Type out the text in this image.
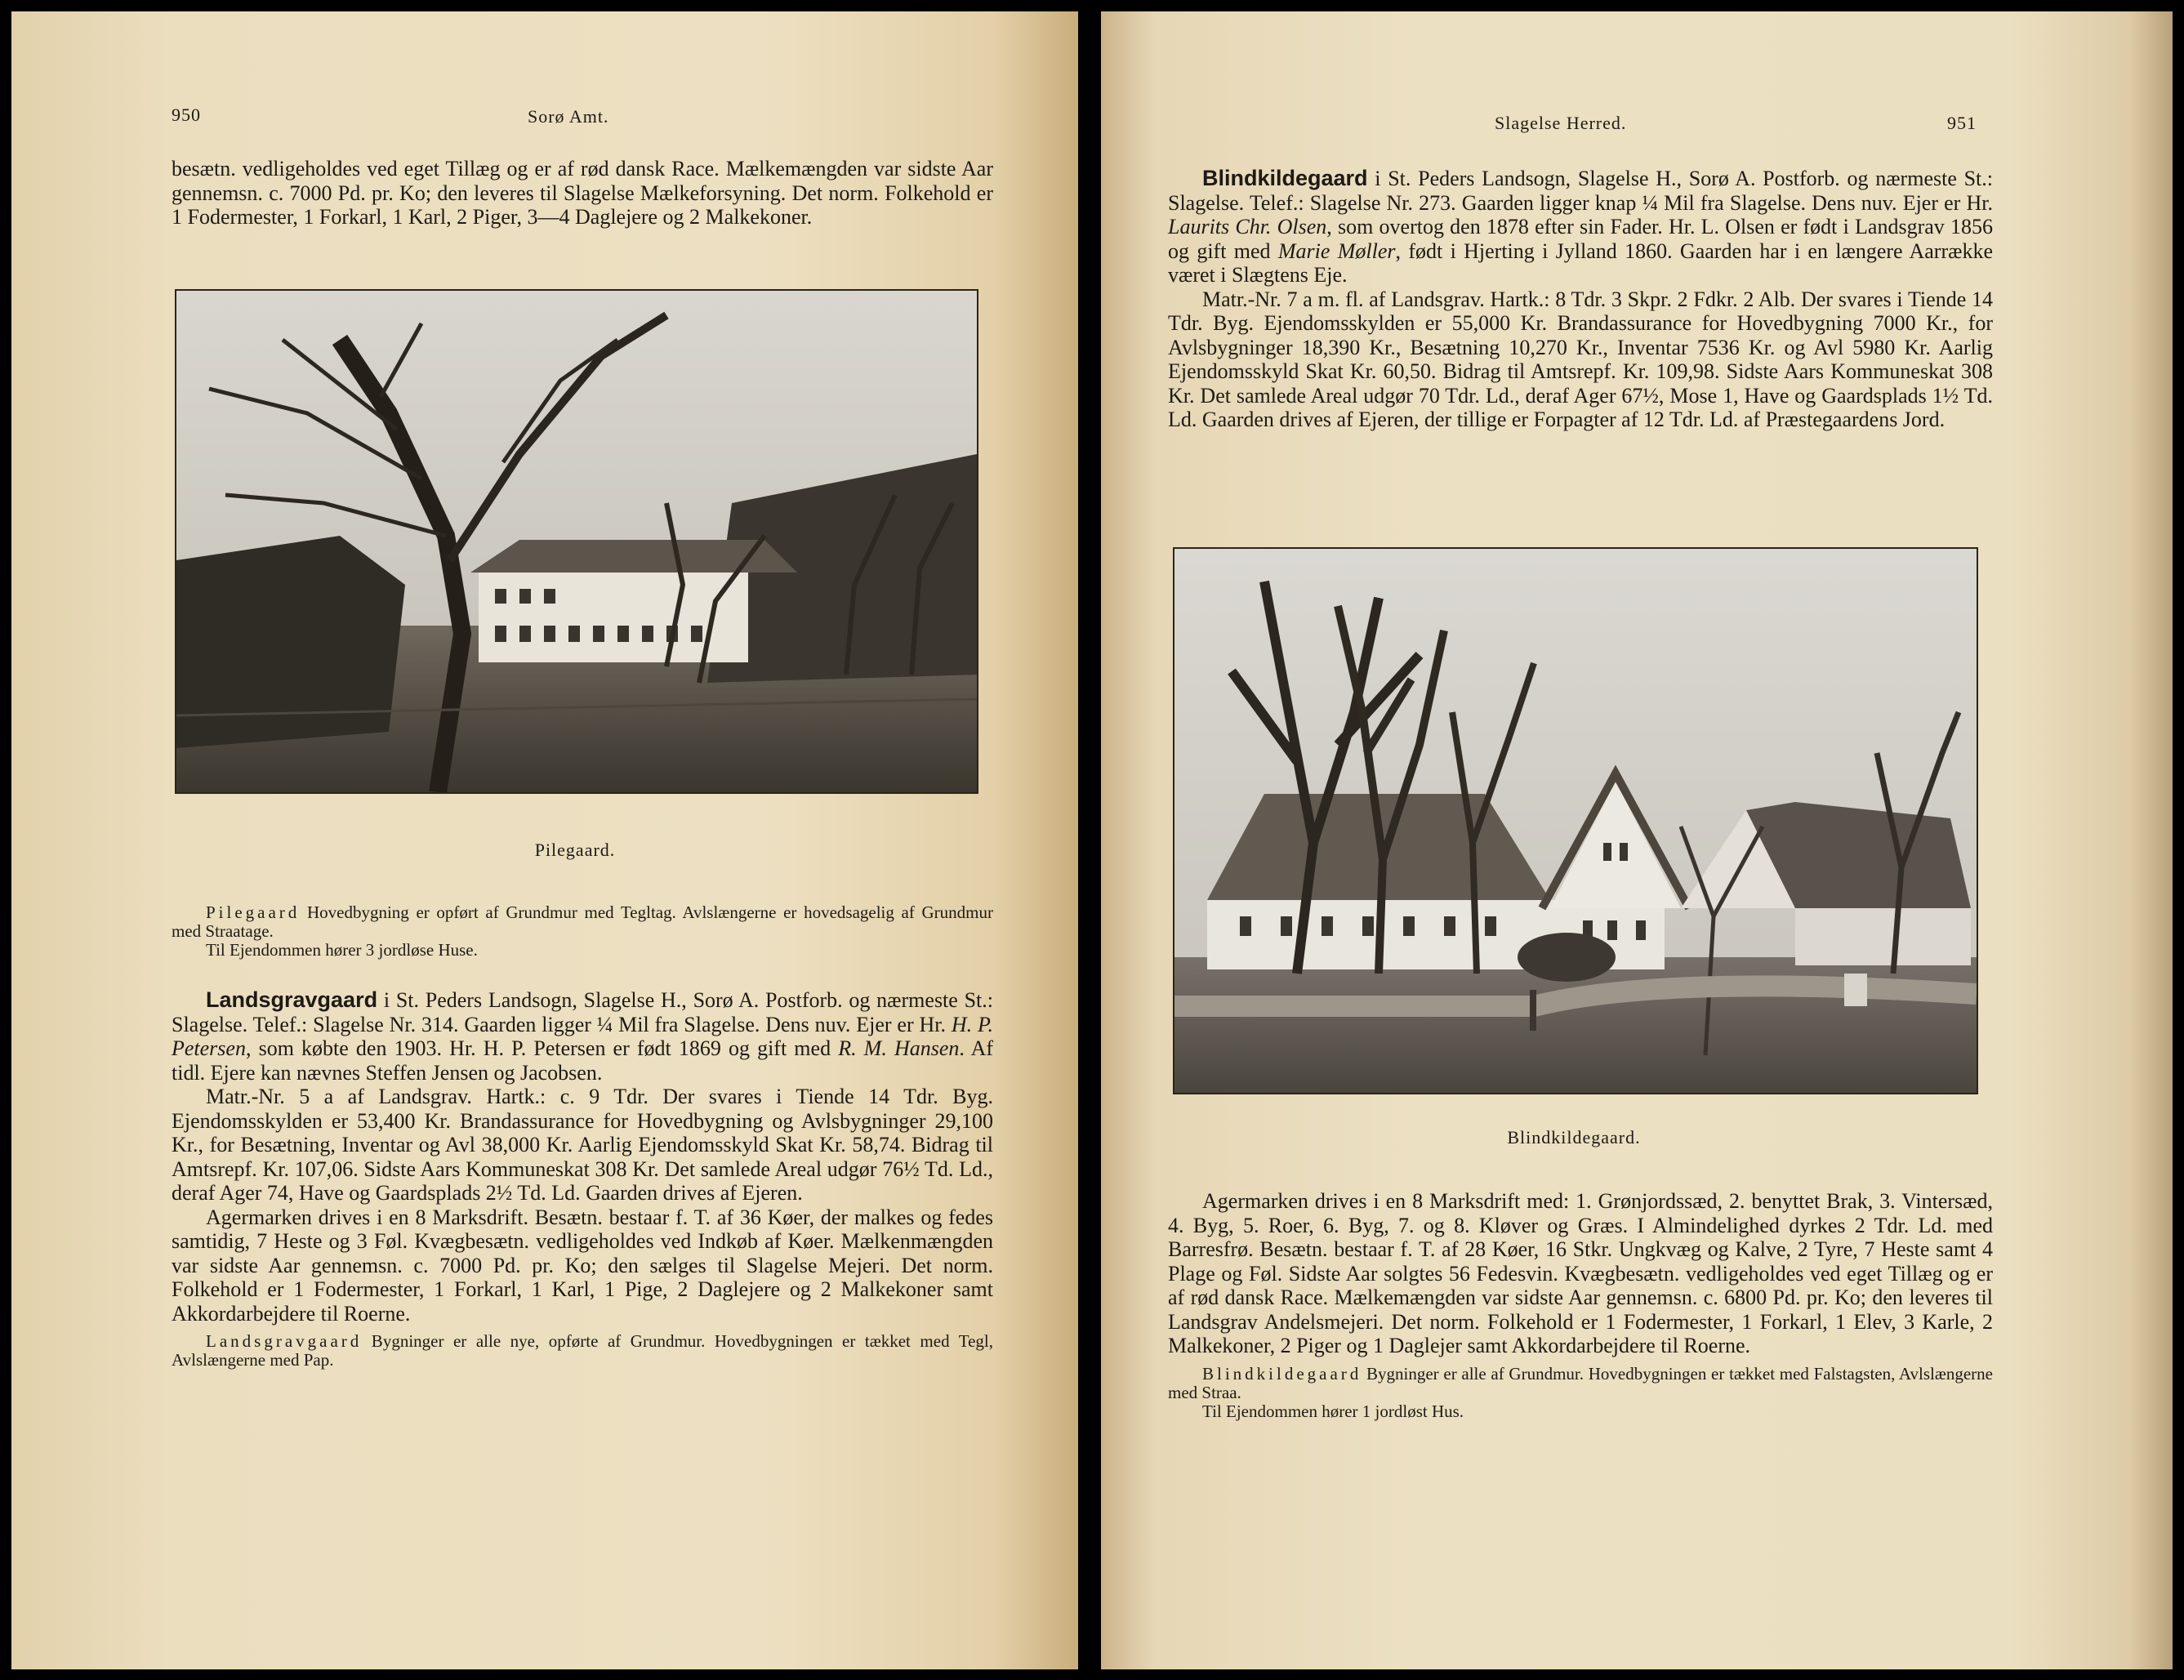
950	Sorø Amt.

besætn. vedligeholdes ved eget Tillæg og er af rød dansk Race. Mælkemængden var sidste Aar gennemsn. c. 7000 Pd. pr. Ko; den leveres til Slagelse Mælkeforsyning. Det norm. Folkehold er 1 Fodermester, 1 Forkarl, 1 Karl, 2 Piger, 3—4 Daglejere og 2 Malkekoner.

Pilegaard.

Pilegaard Hovedbygning er opført af Grundmur med Tegltag. Avlslængerne er hovedsagelig af Grundmur med Straatage.

Til Ejendommen hører 3 jordløse Huse.

Landsgravgaard i St. Peders Landsogn, Slagelse H., Sorø A. Postforb. og nærmeste St.: Slagelse. Telef.: Slagelse Nr. 314. Gaarden ligger ¼ Mil fra Slagelse. Dens nuv. Ejer er Hr. H. P. Petersen, som købte den 1903. Hr. H. P. Petersen er født 1869 og gift med R. M. Hansen. Af tidl. Ejere kan nævnes Steffen Jensen og Jacobsen.

Matr.-Nr. 5 a af Landsgrav. Hartk.: c. 9 Tdr. Der svares i Tiende 14 Tdr. Byg. Ejendomsskylden er 53,400 Kr. Brandassurance for Hovedbygning og Avlsbygninger 29,100 Kr., for Besætning, Inventar og Avl 38,000 Kr. Aarlig Ejendomsskyld Skat Kr. 58,74. Bidrag til Amtsrepf. Kr. 107,06. Sidste Aars Kommuneskat 308 Kr. Det samlede Areal udgør 76½ Td. Ld., deraf Ager 74, Have og Gaardsplads 2½ Td. Ld. Gaarden drives af Ejeren.

Agermarken drives i en 8 Marksdrift. Besætn. bestaar f. T. af 36 Køer, der malkes og fedes samtidig, 7 Heste og 3 Føl. Kvægbesætn. vedligeholdes ved Indkøb af Køer. Mælkenmængden var sidste Aar gennemsn. c. 7000 Pd. pr. Ko; den sælges til Slagelse Mejeri. Det norm. Folkehold er 1 Fodermester, 1 Forkarl, 1 Karl, 1 Pige, 2 Daglejere og 2 Malkekoner samt Akkordarbejdere til Roerne.

Landsgravgaard Bygninger er alle nye, opførte af Grundmur. Hovedbygningen er tækket med Tegl, Avlslængerne med Pap.

Slagelse Herred.	951

Blindkildegaard i St. Peders Landsogn, Slagelse H., Sorø A. Postforb. og nærmeste St.: Slagelse. Telef.: Slagelse Nr. 273. Gaarden ligger knap ¼ Mil fra Slagelse. Dens nuv. Ejer er Hr. Laurits Chr. Olsen, som overtog den 1878 efter sin Fader. Hr. L. Olsen er født i Landsgrav 1856 og gift med Marie Møller, født i Hjerting i Jylland 1860. Gaarden har i en længere Aarrække været i Slægtens Eje.

Matr.-Nr. 7 a m. fl. af Landsgrav. Hartk.: 8 Tdr. 3 Skpr. 2 Fdkr. 2 Alb. Der svares i Tiende 14 Tdr. Byg. Ejendomsskylden er 55,000 Kr. Brandassurance for Hovedbygning 7000 Kr., for Avlsbygninger 18,390 Kr., Besætning 10,270 Kr., Inventar 7536 Kr. og Avl 5980 Kr. Aarlig Ejendomsskyld Skat Kr. 60,50. Bidrag til Amtsrepf. Kr. 109,98. Sidste Aars Kommuneskat 308 Kr. Det samlede Areal udgør 70 Tdr. Ld., deraf Ager 67½, Mose 1, Have og Gaardsplads 1½ Td. Ld. Gaarden drives af Ejeren, der tillige er Forpagter af 12 Tdr. Ld. af Præstegaardens Jord.

Blindkildegaard.

Agermarken drives i en 8 Marksdrift med: 1. Grønjordssæd, 2. benyttet Brak, 3. Vintersæd, 4. Byg, 5. Roer, 6. Byg, 7. og 8. Kløver og Græs. I Almindelighed dyrkes 2 Tdr. Ld. med Barresfrø. Besætn. bestaar f. T. af 28 Køer, 16 Stkr. Ungkvæg og Kalve, 2 Tyre, 7 Heste samt 4 Plage og Føl. Sidste Aar solgtes 56 Fedesvin. Kvægbesætn. vedligeholdes ved eget Tillæg og er af rød dansk Race. Mælkemængden var sidste Aar gennemsn. c. 6800 Pd. pr. Ko; den leveres til Landsgrav Andelsmejeri. Det norm. Folkehold er 1 Fodermester, 1 Forkarl, 1 Elev, 3 Karle, 2 Malkekoner, 2 Piger og 1 Daglejer samt Akkordarbejdere til Roerne.

Blindkildegaard Bygninger er alle af Grundmur. Hovedbygningen er tækket med Falstagsten, Avlslængerne med Straa.

Til Ejendommen hører 1 jordløst Hus.
